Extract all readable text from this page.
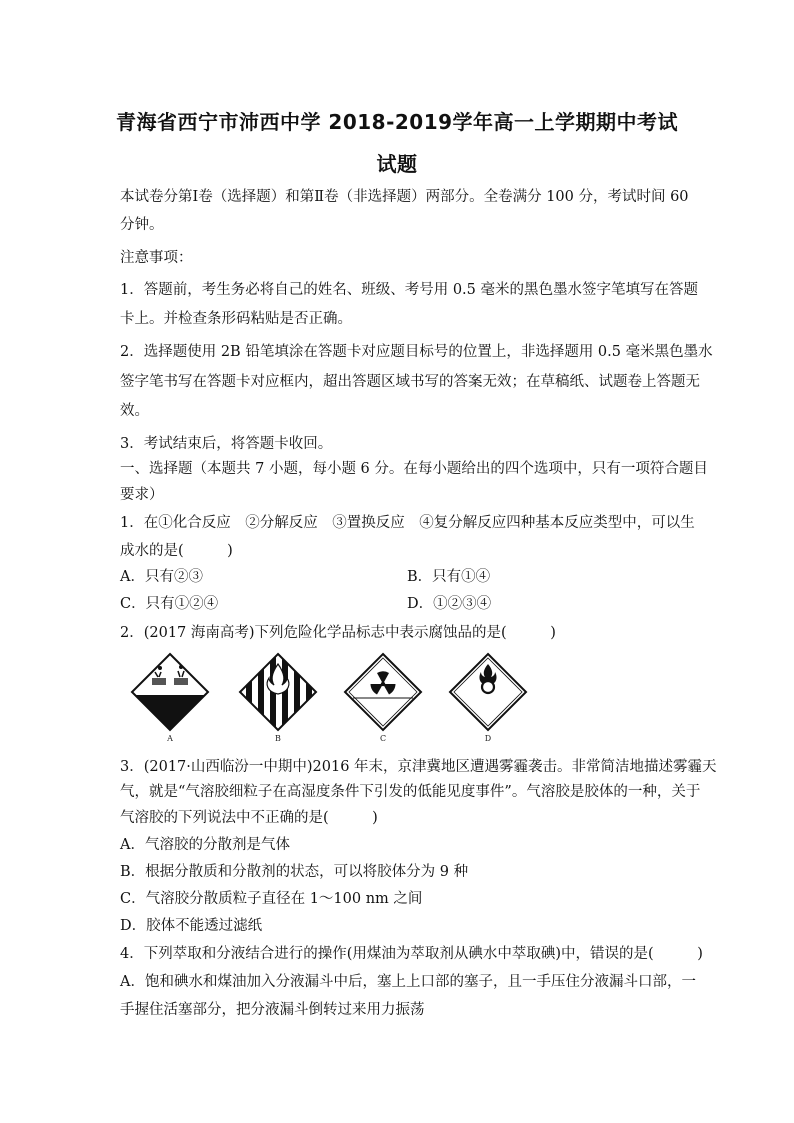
青海省西宁市沛西中学 2018-2019学年高一上学期期中考试
试题
本试卷分第Ⅰ卷（选择题）和第Ⅱ卷（非选择题）两部分。全卷满分 100 分，考试时间 60
分钟。
注意事项：
1．答题前，考生务必将自己的姓名、班级、考号用 0.5 毫米的黑色墨水签字笔填写在答题
卡上。并检查条形码粘贴是否正确。
2．选择题使用 2B 铅笔填涂在答题卡对应题目标号的位置上，非选择题用 0.5 毫米黑色墨水
签字笔书写在答题卡对应框内，超出答题区域书写的答案无效；在草稿纸、试题卷上答题无
效。
3．考试结束后，将答题卡收回。
一、选择题（本题共 7 小题，每小题 6 分。在每小题给出的四个选项中，只有一项符合题目
要求）
1．在①化合反应　②分解反应　③置换反应　④复分解反应四种基本反应类型中，可以生
成水的是(　　　)
A．只有②③	B．只有①④
C．只有①②④	D．①②③④
2．(2017 海南高考)下列危险化学品标志中表示腐蚀品的是(　　　)
A	B	C	D
3．(2017·山西临汾一中期中)2016 年末，京津冀地区遭遇雾霾袭击。非常简洁地描述雾霾天
气，就是“气溶胶细粒子在高湿度条件下引发的低能见度事件”。气溶胶是胶体的一种，关于
气溶胶的下列说法中不正确的是(　　　)
A．气溶胶的分散剂是气体
B．根据分散质和分散剂的状态，可以将胶体分为 9 种
C．气溶胶分散质粒子直径在 1～100 nm 之间
D．胶体不能透过滤纸
4．下列萃取和分液结合进行的操作(用煤油为萃取剂从碘水中萃取碘)中，错误的是(　　　)
A．饱和碘水和煤油加入分液漏斗中后，塞上上口部的塞子，且一手压住分液漏斗口部，一
手握住活塞部分，把分液漏斗倒转过来用力振荡
